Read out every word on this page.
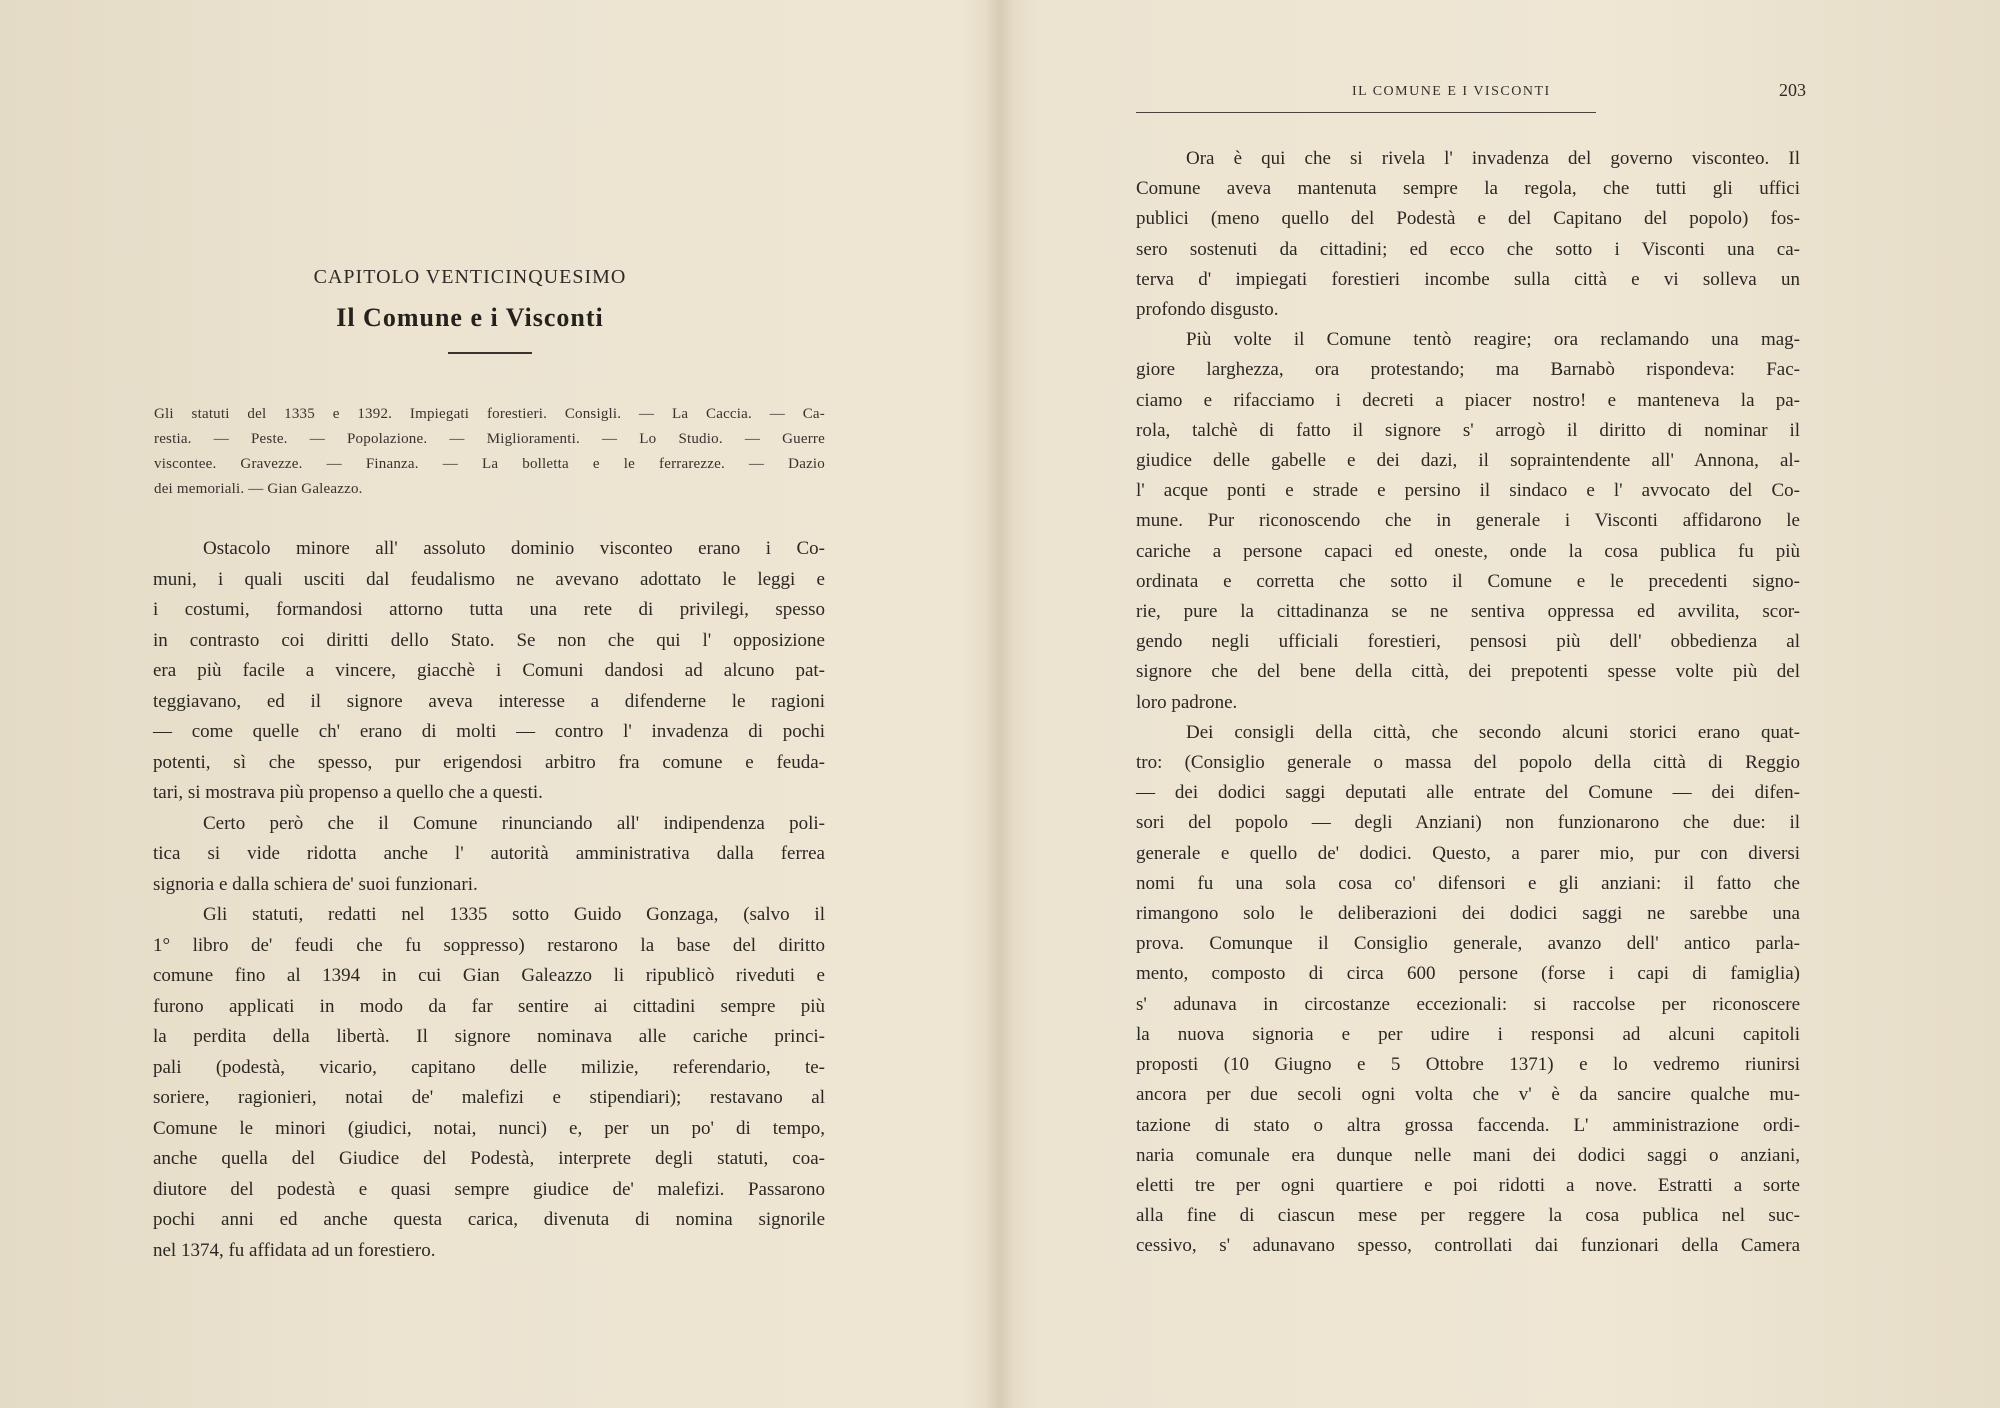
CAPITOLO VENTICINQUESIMO
Il Comune e i Visconti
Gli statuti del 1335 e 1392. Impiegati forestieri. Consigli. — La Caccia. — Ca-
restia. — Peste. — Popolazione. — Miglioramenti. — Lo Studio. — Guerre
viscontee. Gravezze. — Finanza. — La bolletta e le ferrarezze. — Dazio
dei memoriali. — Gian Galeazzo.
Ostacolo minore all' assoluto dominio visconteo erano i Co-
muni, i quali usciti dal feudalismo ne avevano adottato le leggi e
i costumi, formandosi attorno tutta una rete di privilegi, spesso
in contrasto coi diritti dello Stato. Se non che qui l' opposizione
era più facile a vincere, giacchè i Comuni dandosi ad alcuno pat-
teggiavano, ed il signore aveva interesse a difenderne le ragioni
— come quelle ch' erano di molti — contro l' invadenza di pochi
potenti, sì che spesso, pur erigendosi arbitro fra comune e feuda-
tari, si mostrava più propenso a quello che a questi.
Certo però che il Comune rinunciando all' indipendenza poli-
tica si vide ridotta anche l' autorità amministrativa dalla ferrea
signoria e dalla schiera de' suoi funzionari.
Gli statuti, redatti nel 1335 sotto Guido Gonzaga, (salvo il
1° libro de' feudi che fu soppresso) restarono la base del diritto
comune fino al 1394 in cui Gian Galeazzo li ripublicò riveduti e
furono applicati in modo da far sentire ai cittadini sempre più
la perdita della libertà. Il signore nominava alle cariche princi-
pali (podestà, vicario, capitano delle milizie, referendario, te-
soriere, ragionieri, notai de' malefizi e stipendiari); restavano al
Comune le minori (giudici, notai, nunci) e, per un po' di tempo,
anche quella del Giudice del Podestà, interprete degli statuti, coa-
diutore del podestà e quasi sempre giudice de' malefizi. Passarono
pochi anni ed anche questa carica, divenuta di nomina signorile
nel 1374, fu affidata ad un forestiero.
IL COMUNE E I VISCONTI	203
Ora è qui che si rivela l' invadenza del governo visconteo. Il
Comune aveva mantenuta sempre la regola, che tutti gli uffici
publici (meno quello del Podestà e del Capitano del popolo) fos-
sero sostenuti da cittadini; ed ecco che sotto i Visconti una ca-
terva d' impiegati forestieri incombe sulla città e vi solleva un
profondo disgusto.
Più volte il Comune tentò reagire; ora reclamando una mag-
giore larghezza, ora protestando; ma Barnabò rispondeva: Fac-
ciamo e rifacciamo i decreti a piacer nostro! e manteneva la pa-
rola, talchè di fatto il signore s' arrogò il diritto di nominar il
giudice delle gabelle e dei dazi, il sopraintendente all' Annona, al-
l' acque ponti e strade e persino il sindaco e l' avvocato del Co-
mune. Pur riconoscendo che in generale i Visconti affidarono le
cariche a persone capaci ed oneste, onde la cosa publica fu più
ordinata e corretta che sotto il Comune e le precedenti signo-
rie, pure la cittadinanza se ne sentiva oppressa ed avvilita, scor-
gendo negli ufficiali forestieri, pensosi più dell' obbedienza al
signore che del bene della città, dei prepotenti spesse volte più del
loro padrone.
Dei consigli della città, che secondo alcuni storici erano quat-
tro: (Consiglio generale o massa del popolo della città di Reggio
— dei dodici saggi deputati alle entrate del Comune — dei difen-
sori del popolo — degli Anziani) non funzionarono che due: il
generale e quello de' dodici. Questo, a parer mio, pur con diversi
nomi fu una sola cosa co' difensori e gli anziani: il fatto che
rimangono solo le deliberazioni dei dodici saggi ne sarebbe una
prova. Comunque il Consiglio generale, avanzo dell' antico parla-
mento, composto di circa 600 persone (forse i capi di famiglia)
s' adunava in circostanze eccezionali: si raccolse per riconoscere
la nuova signoria e per udire i responsi ad alcuni capitoli
proposti (10 Giugno e 5 Ottobre 1371) e lo vedremo riunirsi
ancora per due secoli ogni volta che v' è da sancire qualche mu-
tazione di stato o altra grossa faccenda. L' amministrazione ordi-
naria comunale era dunque nelle mani dei dodici saggi o anziani,
eletti tre per ogni quartiere e poi ridotti a nove. Estratti a sorte
alla fine di ciascun mese per reggere la cosa publica nel suc-
cessivo, s' adunavano spesso, controllati dai funzionari della Camera
